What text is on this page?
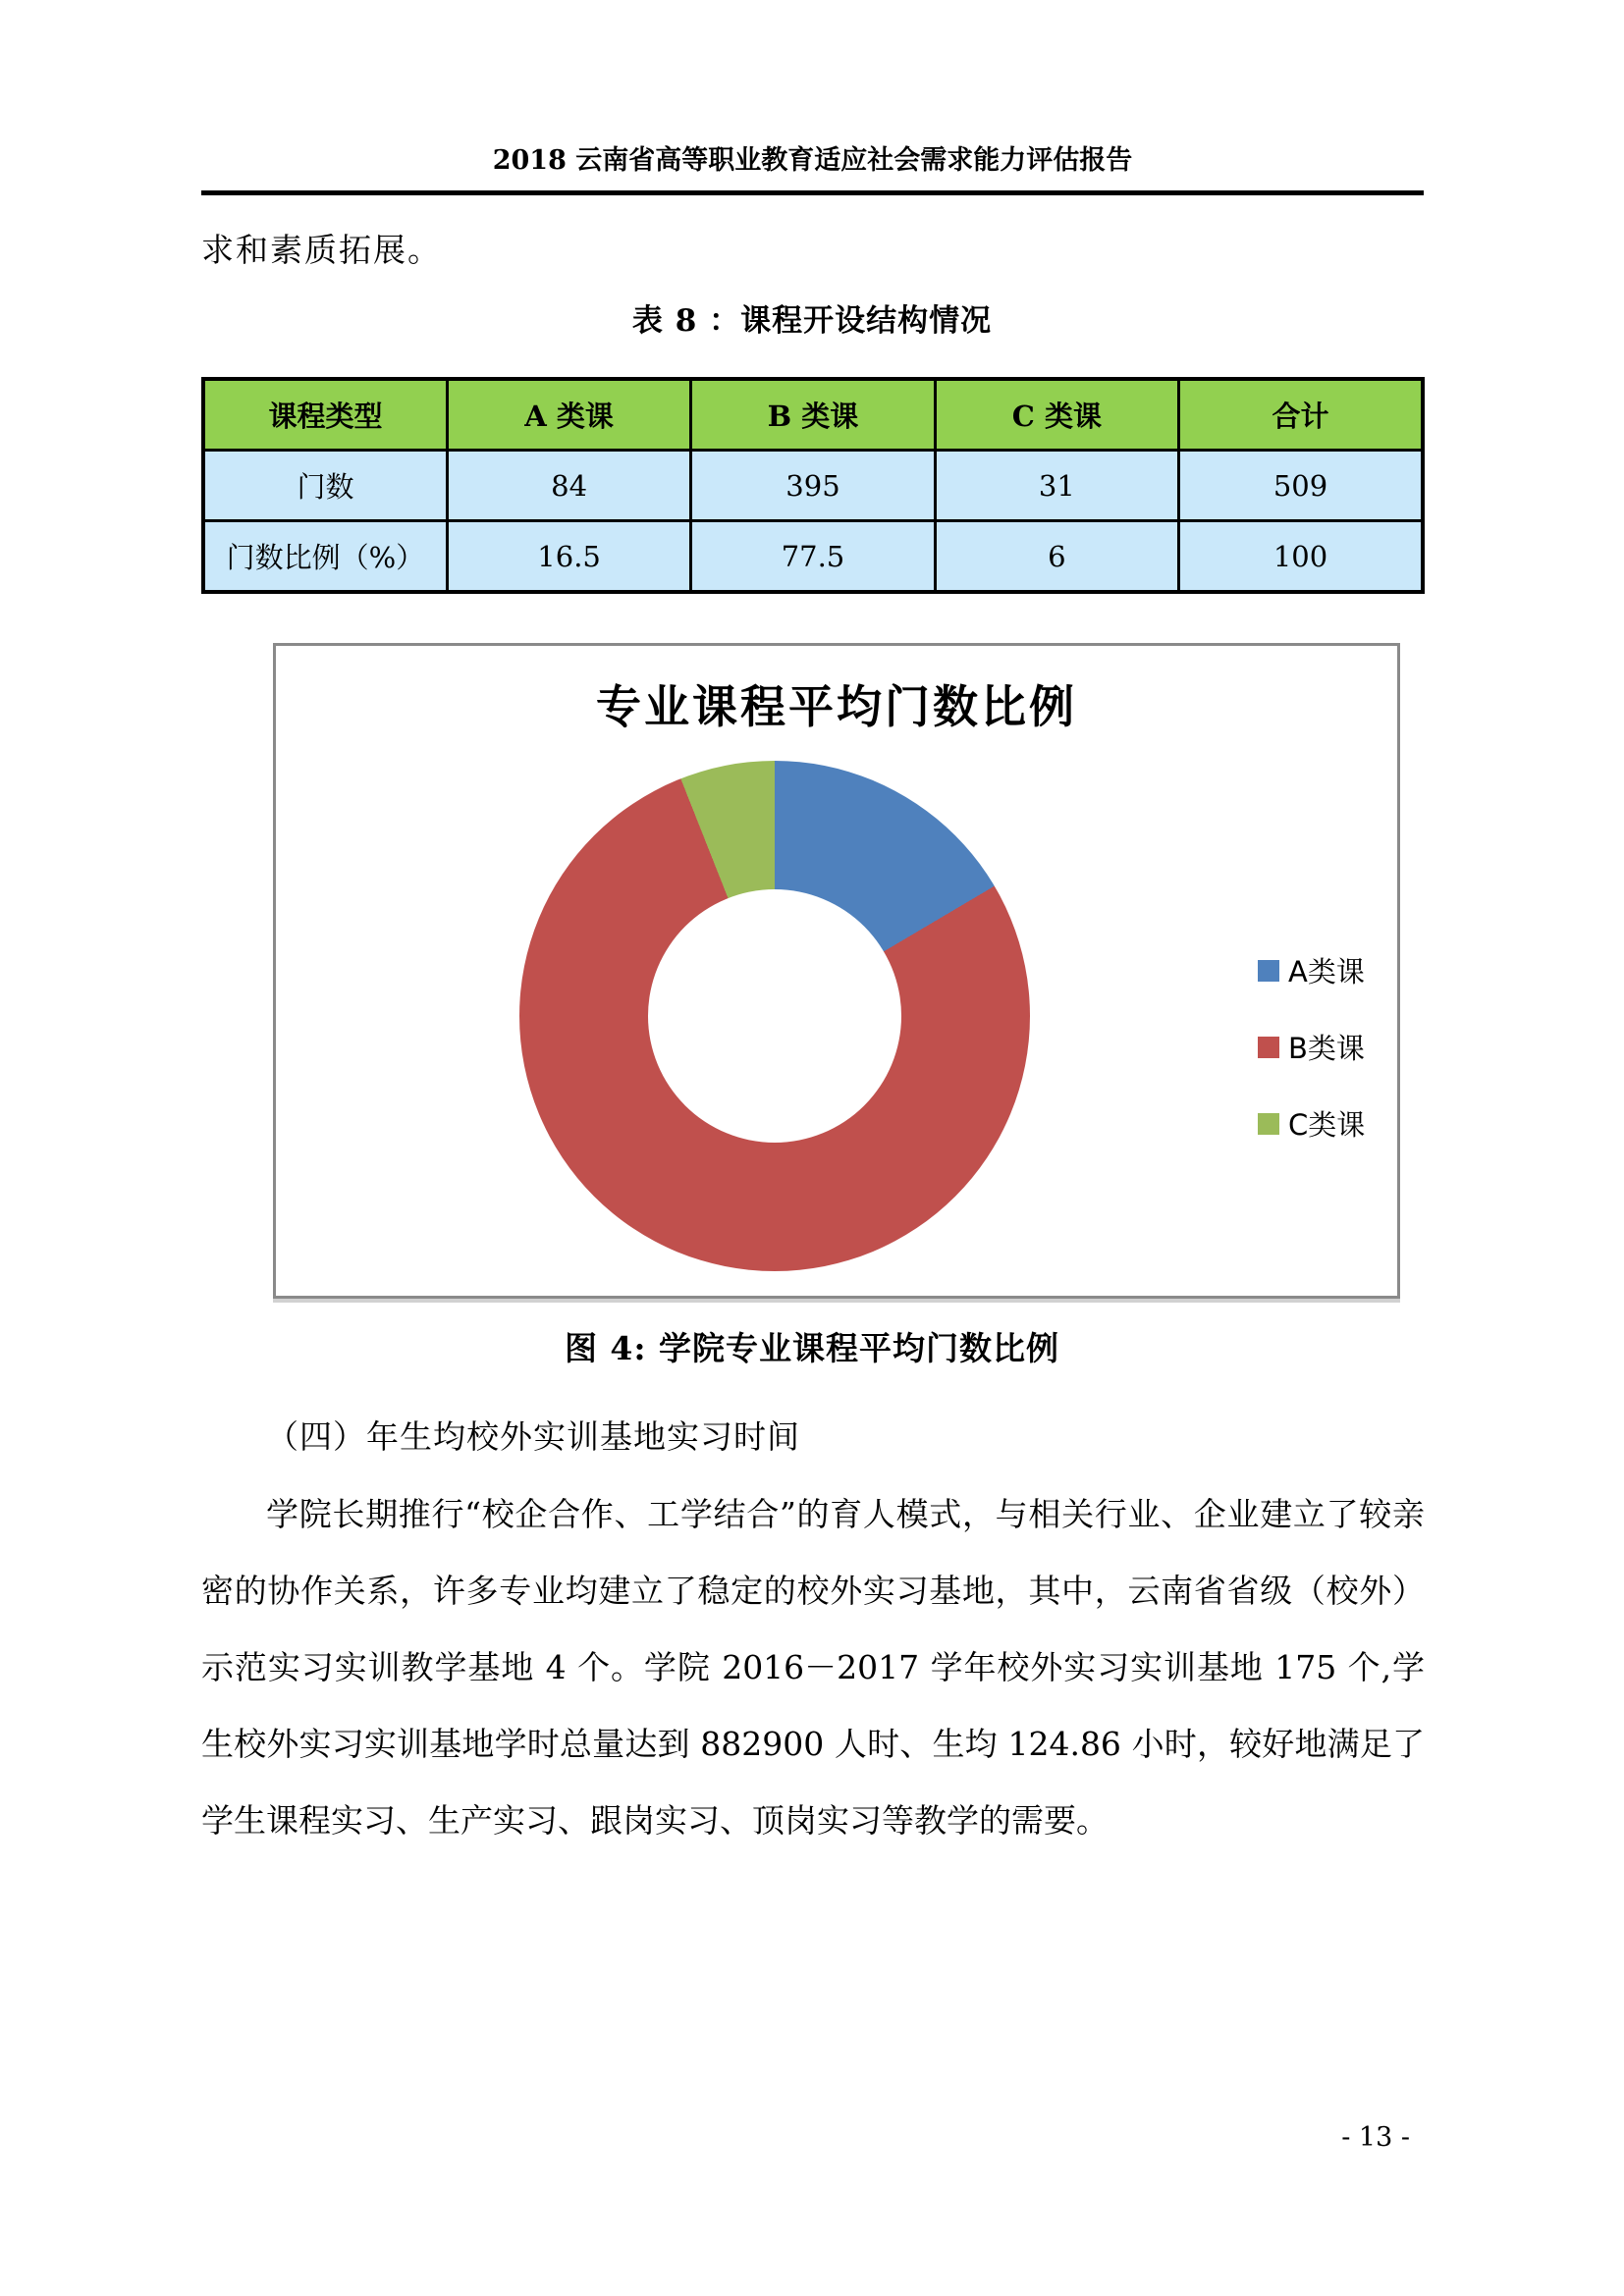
2018 云南省高等职业教育适应社会需求能力评估报告
求和素质拓展。
表 8 ：课程开设结构情况
课程类型	A 类课	B 类课	C 类课	合计
门数	84	395	31	509
门数比例（%）	16.5	77.5	6	100
专业课程平均门数比例
A类课
B类课
C类课
图 4: 学院专业课程平均门数比例
（四）年生均校外实训基地实习时间
学院长期推行“校企合作、工学结合”的育人模式，与相关行业、企业建立了较亲密的协作关系，许多专业均建立了稳定的校外实习基地，其中，云南省省级（校外）示范实习实训教学基地 4 个。学院 2016－2017 学年校外实习实训基地 175 个,学生校外实习实训基地学时总量达到 882900 人时、生均 124.86 小时，较好地满足了学生课程实习、生产实习、跟岗实习、顶岗实习等教学的需要。
- 13 -
